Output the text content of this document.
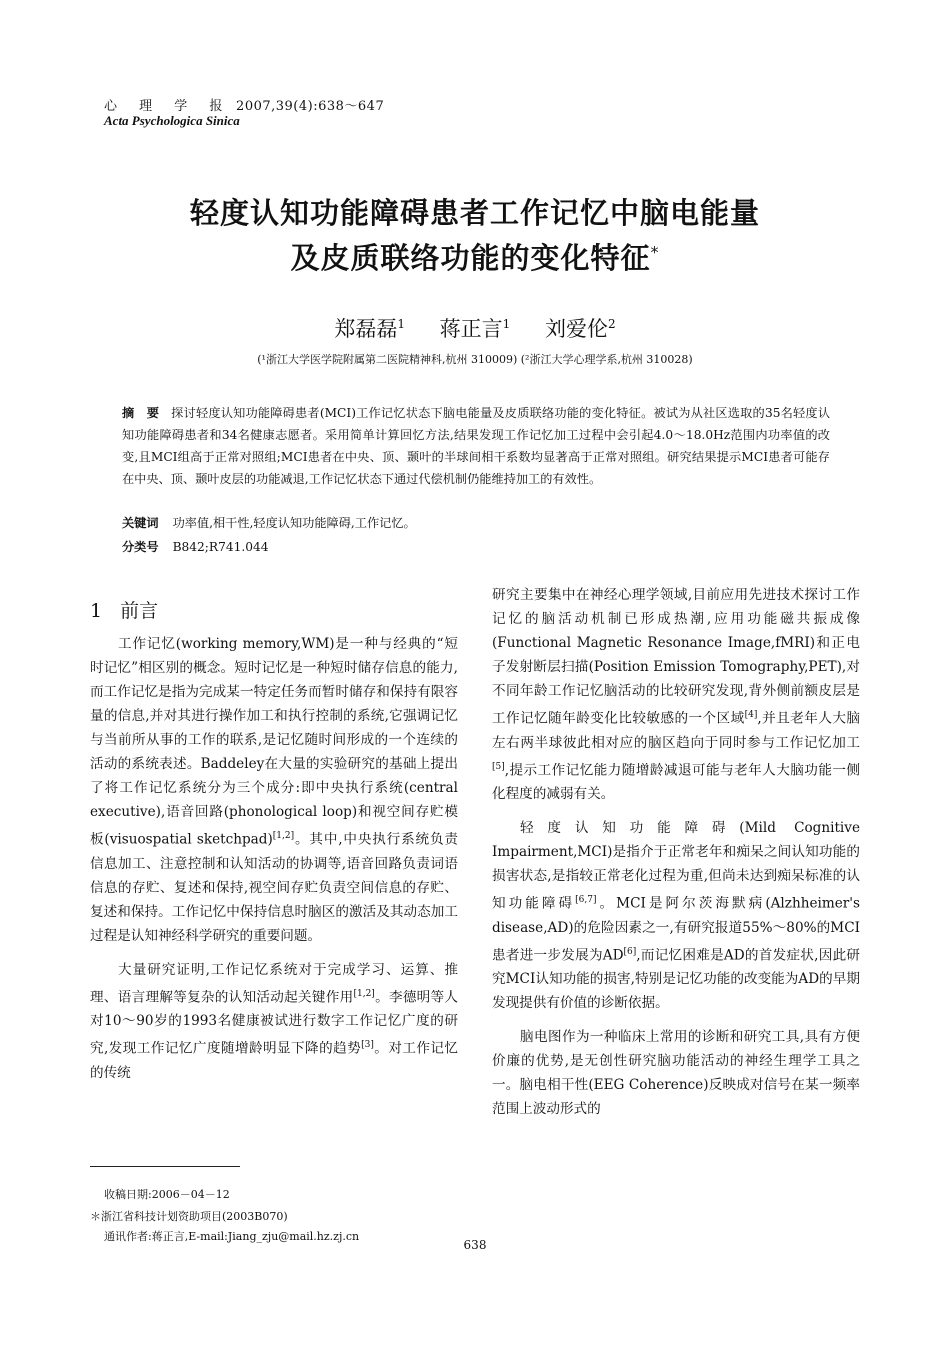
心 理 学 报 2007,39(4):638～647
Acta Psychologica Sinica
轻度认知功能障碍患者工作记忆中脑电能量
及皮质联络功能的变化特征*
郑磊磊$^1$ 蒋正言$^1$ 刘爱伦$^2$
(¹浙江大学医学院附属第二医院精神科,杭州 310009) (²浙江大学心理学系,杭州 310028)
摘　要 探讨轻度认知功能障碍患者(MCI)工作记忆状态下脑电能量及皮质联络功能的变化特征。被试为从社区选取的35名轻度认知功能障碍患者和34名健康志愿者。采用简单计算回忆方法,结果发现工作记忆加工过程中会引起4.0～18.0Hz范围内功率值的改变,且MCI组高于正常对照组;MCI患者在中央、顶、颞叶的半球间相干系数均显著高于正常对照组。研究结果提示MCI患者可能存在中央、顶、颞叶皮层的功能减退,工作记忆状态下通过代偿机制仍能维持加工的有效性。
关键词 功率值,相干性,轻度认知功能障碍,工作记忆。
分类号 B842;R741.044
1 前言

工作记忆(working memory,WM)是一种与经典的“短时记忆”相区别的概念。短时记忆是一种短时储存信息的能力,而工作记忆是指为完成某一特定任务而暂时储存和保持有限容量的信息,并对其进行操作加工和执行控制的系统,它强调记忆与当前所从事的工作的联系,是记忆随时间形成的一个连续的活动的系统表述。Baddeley在大量的实验研究的基础上提出了将工作记忆系统分为三个成分:即中央执行系统(central executive),语音回路(phonological loop)和视空间存贮模板(visuospatial sketchpad)[1,2]。其中,中央执行系统负责信息加工、注意控制和认知活动的协调等,语音回路负责词语信息的存贮、复述和保持,视空间存贮负责空间信息的存贮、复述和保持。工作记忆中保持信息时脑区的激活及其动态加工过程是认知神经科学研究的重要问题。

大量研究证明,工作记忆系统对于完成学习、运算、推理、语言理解等复杂的认知活动起关键作用[1,2]。李德明等人对10～90岁的1993名健康被试进行数字工作记忆广度的研究,发现工作记忆广度随增龄明显下降的趋势[3]。对工作记忆的传统

研究主要集中在神经心理学领域,目前应用先进技术探讨工作记忆的脑活动机制已形成热潮,应用功能磁共振成像(Functional Magnetic Resonance Image,fMRI)和正电子发射断层扫描(Position Emission Tomography,PET),对不同年龄工作记忆脑活动的比较研究发现,背外侧前额皮层是工作记忆随年龄变化比较敏感的一个区域[4],并且老年人大脑左右两半球彼此相对应的脑区趋向于同时参与工作记忆加工[5],提示工作记忆能力随增龄减退可能与老年人大脑功能一侧化程度的减弱有关。

轻度认知功能障碍(Mild Cognitive Impairment,MCI)是指介于正常老年和痴呆之间认知功能的损害状态,是指较正常老化过程为重,但尚未达到痴呆标准的认知功能障碍[6,7]。MCI是阿尔茨海默病(Alzhheimer's disease,AD)的危险因素之一,有研究报道55%～80%的MCI患者进一步发展为AD[6],而记忆困难是AD的首发症状,因此研究MCI认知功能的损害,特别是记忆功能的改变能为AD的早期发现提供有价值的诊断依据。

脑电图作为一种临床上常用的诊断和研究工具,具有方便价廉的优势,是无创性研究脑功能活动的神经生理学工具之一。脑电相干性(EEG Coherence)反映成对信号在某一频率范围上波动形式的

收稿日期:2006－04－12
＊浙江省科技计划资助项目(2003B070)
通讯作者:蒋正言,E-mail:Jiang_zju@mail.hz.zj.cn
638
